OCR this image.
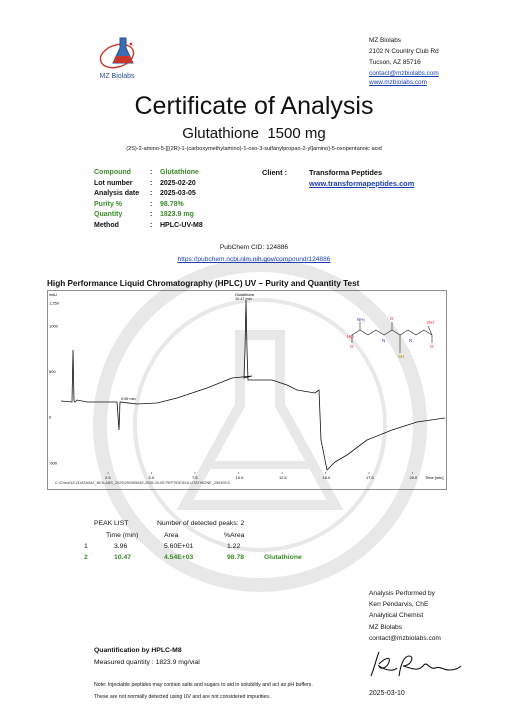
MZ Biolabs
MZ Biolabs
2102 N Country Club Rd
Tucson, AZ 85716
contact@mzbiolabs.com
www.mzbiolabs.com
Certificate of Analysis
Glutathione  1500 mg
(2S)-2-amino-5-[[(2R)-1-(carboxymethylamino)-1-oxo-3-sulfanylpropan-2-yl]amino]-5-oxopentanoic acid
Compound	:	Glutathione
Lot number	:	2025-02-20
Analysis date	:	2025-03-05
Purity %	:	98.78%
Quantity	:	1823.9 mg
Method	:	HPLC-UV-M8
Client :	Transforma Peptides
www.transformapeptides.com
PubChem CID: 124886
https://pubchem.ncbi.nlm.nih.gov/compound/124886
High Performance Liquid Chromatography (HPLC) UV – Purity and Quantity Test
1,250
1000
500
0
-500
2.5	5.0	7.5	10.0	12.5	15.0	17.5	20.0 Time [min]
mAU
HO
NH₂
O
O
N	N
SH
O
OH
0.96 min
Glutathione
10.47 min
C:\Chem32\1\DATA\MZ_BIOLABS_2025\250305\MZ-2025-03-05 PEPTIDES\GLUTATHIONE_250305.D
PEAK LIST	Number of detected peaks: 2
	Time (min)	Area	%Area	
1	3.96	5.60E+01	1.22	
2	10.47	4.54E+03	98.78	Glutathione
Analysis Performed by
Ken Pendarvis, ChE
Analytical Chemist
MZ Biolabs
contact@mzbiolabs.com
2025-03-10
Quantification by HPLC-M8
Measured quantity : 1823.9 mg/vial
Note: Injectable peptides may contain salts and sugars to aid in solubility and act as pH buffers.
These are not normally detected using UV and are not considered impurities.
